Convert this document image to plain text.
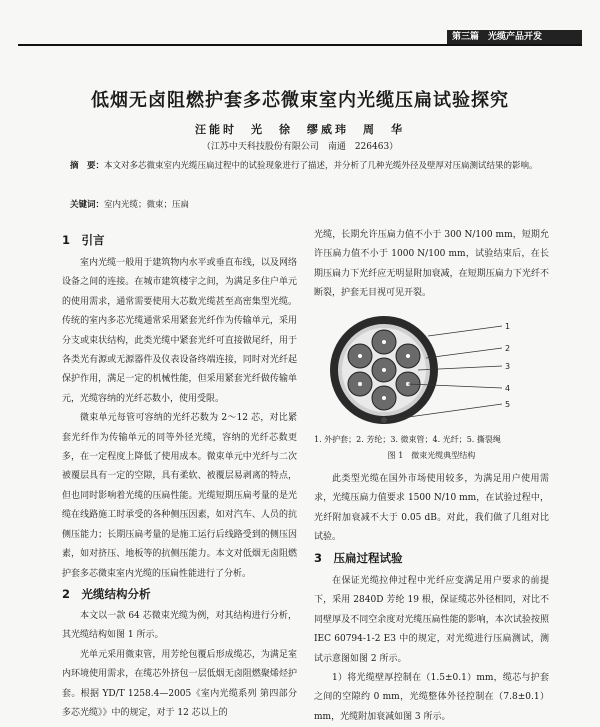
第三篇　光缆产品开发
低烟无卤阻燃护套多芯微束室内光缆压扁试验探究
汪能时　光　徐　缪威玮　周　华
（江苏中天科技股份有限公司　南通　226463）
摘　要：本文对多芯微束室内光缆压扁过程中的试验现象进行了描述，并分析了几种光缆外径及壁厚对压扁测试结果的影响。
关键词：室内光缆；微束；压扁
1　引言

室内光缆一般用于建筑物内水平或垂直布线，以及网络设备之间的连接。在城市建筑楼宇之间，为满足多住户单元的使用需求，通常需要使用大芯数光缆甚至高密集型光缆。传统的室内多芯光缆通常采用紧套光纤作为传输单元，采用分支或束状结构，此类光缆中紧套光纤可直接做尾纤，用于各类光有源或无源器件及仪表设备终端连接，同时对光纤起保护作用，满足一定的机械性能，但采用紧套光纤做传输单元，光缆容纳的光纤芯数小，使用受限。

微束单元每管可容纳的光纤芯数为 2～12 芯，对比紧套光纤作为传输单元的同等外径光缆，容纳的光纤芯数更多，在一定程度上降低了使用成本。微束单元中光纤与二次被覆层具有一定的空隙，具有柔软、被覆层易剥离的特点，但也同时影响着光缆的压扁性能。光缆短期压扁考量的是光缆在线路施工时承受的各种侧压因素，如对汽车、人员的抗侧压能力；长期压扁考量的是施工运行后线路受到的侧压因素，如对挤压、地板等的抗侧压能力。本文对低烟无卤阻燃护套多芯微束室内光缆的压扁性能进行了分析。

2　光缆结构分析

本文以一款 64 芯微束光缆为例，对其结构进行分析，其光缆结构如图 1 所示。

光单元采用微束管，用芳纶包覆后形成缆芯，为满足室内环境使用需求，在缆芯外挤包一层低烟无卤阻燃聚烯烃护套。根据 YD/T 1258.4—2005《室内光缆系列 第四部分 多芯光缆》》中的规定，对于 12 芯以上的

光缆，长期允许压扁力值不小于 300 N/100 mm，短期允许压扁力值不小于 1000 N/100 mm，试验结束后，在长期压扁力下光纤应无明显附加衰减，在短期压扁力下光纤不断裂，护套无目视可见开裂。

1
2
3
4
5
1. 外护套；2. 芳纶；3. 微束管；4. 光纤；5. 撕裂绳
图 1　微束光缆典型结构

此类型光缆在国外市场使用较多，为满足用户使用需求，光缆压扁力值要求 1500 N/10 mm，在试验过程中，光纤附加衰减不大于 0.05 dB。对此，我们做了几组对比试验。

3　压扁过程试验

在保证光缆拉伸过程中光纤应变满足用户要求的前提下，采用 2840D 芳纶 19 根，保证缆芯外径相同，对比不同壁厚及不同空余度对光缆压扁性能的影响，本次试验按照 IEC 60794-1-2 E3 中的规定，对光缆进行压扁测试，测试示意图如图 2 所示。

1）将光缆壁厚控制在（1.5±0.1）mm，缆芯与护套之间的空隙约 0 mm，光缆整体外径控制在（7.8±0.1）mm，光缆附加衰减如图 3 所示。
